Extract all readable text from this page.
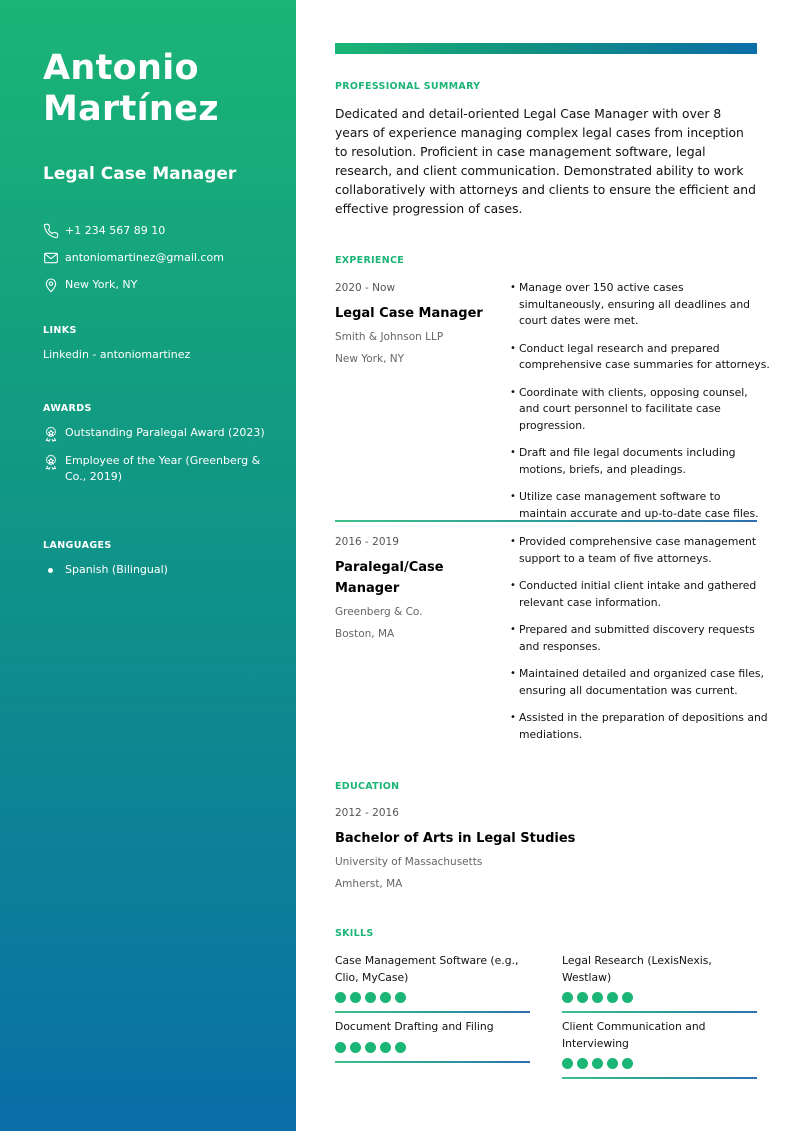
Antonio
Martínez
Legal Case Manager
+1 234 567 89 10
antoniomartinez@gmail.com
New York, NY
LINKS
Linkedin - antoniomartinez
AWARDS
Outstanding Paralegal Award (2023)
Employee of the Year (Greenberg & Co., 2019)
LANGUAGES
Spanish (Bilingual)
PROFESSIONAL SUMMARY

Dedicated and detail-oriented Legal Case Manager with over 8 years of experience managing complex legal cases from inception to resolution. Proficient in case management software, legal research, and client communication. Demonstrated ability to work collaboratively with attorneys and clients to ensure the efficient and effective progression of cases.

EXPERIENCE
2020 - Now
Legal Case Manager
Smith & Johnson LLP
New York, NY
• Manage over 150 active cases simultaneously, ensuring all deadlines and court dates were met.
• Conduct legal research and prepared comprehensive case summaries for attorneys.
• Coordinate with clients, opposing counsel, and court personnel to facilitate case progression.
• Draft and file legal documents including motions, briefs, and pleadings.
• Utilize case management software to maintain accurate and up-to-date case files.
2016 - 2019
Paralegal/Case Manager
Greenberg & Co.
Boston, MA
• Provided comprehensive case management support to a team of five attorneys.
• Conducted initial client intake and gathered relevant case information.
• Prepared and submitted discovery requests and responses.
• Maintained detailed and organized case files, ensuring all documentation was current.
• Assisted in the preparation of depositions and mediations.
EDUCATION
2012 - 2016
Bachelor of Arts in Legal Studies
University of Massachusetts
Amherst, MA
SKILLS
Case Management Software (e.g., Clio, MyCase)
Legal Research (LexisNexis, Westlaw)
Document Drafting and Filing	Client Communication and Interviewing
